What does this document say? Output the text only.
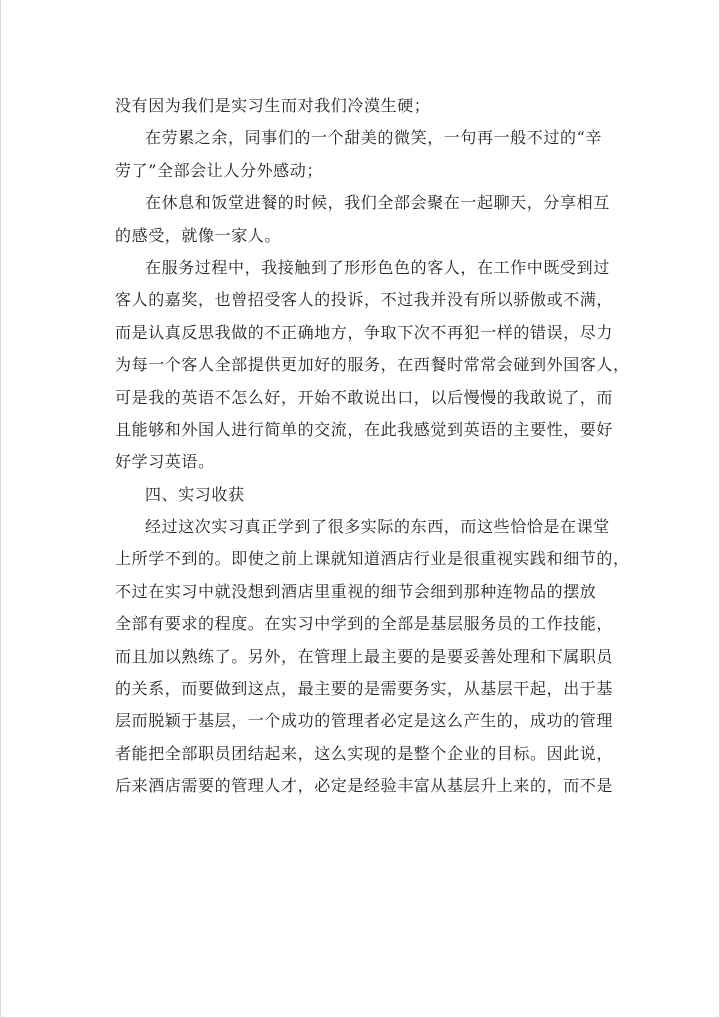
没有因为我们是实习生而对我们冷漠生硬；
在劳累之余，同事们的一个甜美的微笑，一句再一般不过的“辛
劳了”全部会让人分外感动；
在休息和饭堂进餐的时候，我们全部会聚在一起聊天，分享相互
的感受，就像一家人。
在服务过程中，我接触到了形形色色的客人，在工作中既受到过
客人的嘉奖，也曾招受客人的投诉，不过我并没有所以骄傲或不满，
而是认真反思我做的不正确地方，争取下次不再犯一样的错误，尽力
为每一个客人全部提供更加好的服务，在西餐时常常会碰到外国客人，
可是我的英语不怎么好，开始不敢说出口，以后慢慢的我敢说了，而
且能够和外国人进行简单的交流，在此我感觉到英语的主要性，要好
好学习英语。
四、实习收获
经过这次实习真正学到了很多实际的东西，而这些恰恰是在课堂
上所学不到的。即使之前上课就知道酒店行业是很重视实践和细节的，
不过在实习中就没想到酒店里重视的细节会细到那种连物品的摆放
全部有要求的程度。在实习中学到的全部是基层服务员的工作技能，
而且加以熟练了。另外，在管理上最主要的是要妥善处理和下属职员
的关系，而要做到这点，最主要的是需要务实，从基层干起，出于基
层而脱颖于基层，一个成功的管理者必定是这么产生的，成功的管理
者能把全部职员团结起来，这么实现的是整个企业的目标。因此说，
后来酒店需要的管理人才，必定是经验丰富从基层升上来的，而不是
